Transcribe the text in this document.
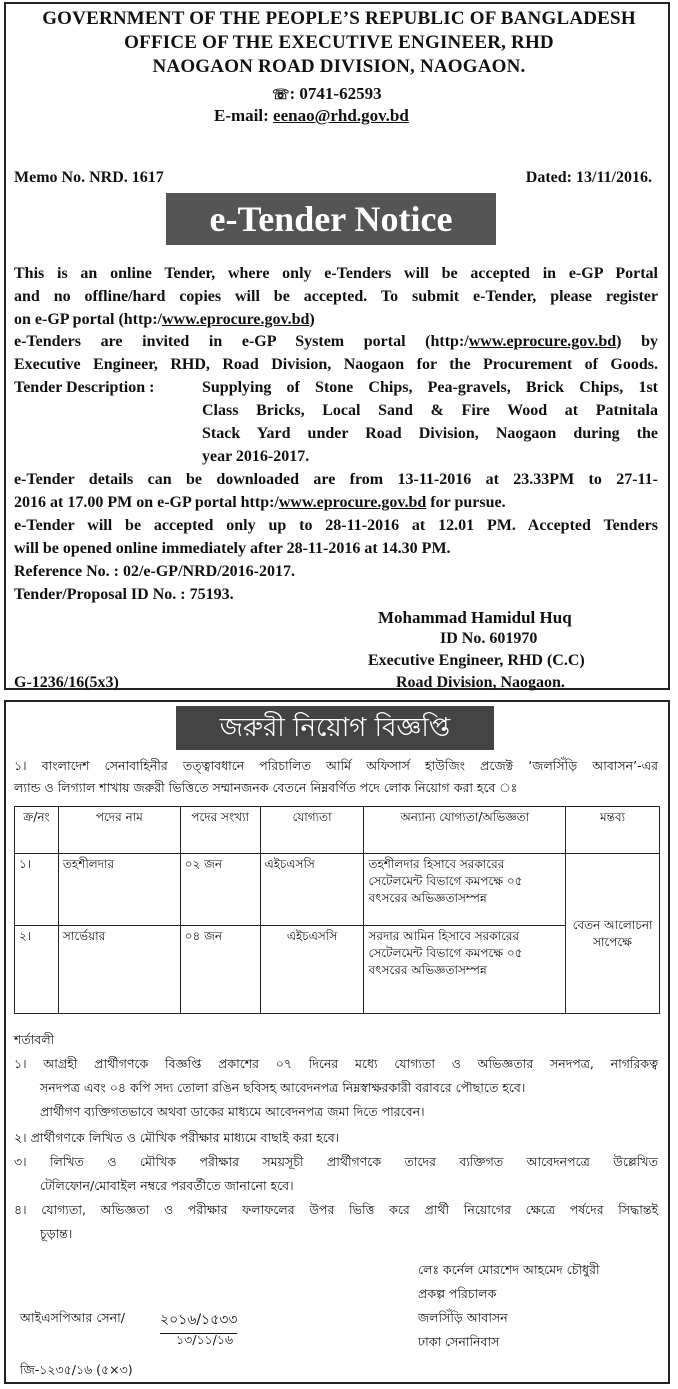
GOVERNMENT OF THE PEOPLE’S REPUBLIC OF BANGLADESH
OFFICE OF THE EXECUTIVE ENGINEER, RHD
NAOGAON ROAD DIVISION, NAOGAON.
☏: 0741-62593
E-mail: eenao@rhd.gov.bd
Memo No. NRD. 1617	Dated: 13/11/2016.
e-Tender Notice
This is an online Tender, where only e-Tenders will be accepted in e-GP Portal
and no offline/hard copies will be accepted. To submit e-Tender, please register
on e-GP portal (http:/www.eprocure.gov.bd)
e-Tenders are invited in e-GP System portal (http:/www.eprocure.gov.bd) by
Executive Engineer, RHD, Road Division, Naogaon for the Procurement of Goods.
Tender Description :	Supplying of Stone Chips, Pea-gravels, Brick Chips, 1st
Class Bricks, Local Sand & Fire Wood at Patnitala
Stack Yard under Road Division, Naogaon during the
year 2016-2017.
e-Tender details can be downloaded are from 13-11-2016 at 23.33PM to 27-11-
2016 at 17.00 PM on e-GP portal http:/www.eprocure.gov.bd for pursue.
e-Tender will be accepted only up to 28-11-2016 at 12.01 PM. Accepted Tenders
will be opened online immediately after 28-11-2016 at 14.30 PM.
Reference No. : 02/e-GP/NRD/2016-2017.
Tender/Proposal ID No. : 75193.
Mohammad Hamidul Huq
ID No. 601970
Executive Engineer, RHD (C.C)
Road Division, Naogaon.
G-1236/16(5x3)
জরুরী নিয়োগ বিজ্ঞপ্তি
১। বাংলাদেশ সেনাবাহিনীর তত্ত্বাবধানে পরিচালিত আর্মি অফিসার্স হাউজিং প্রজেক্ট ‘জলসিঁড়ি আবাসন’-এর
ল্যান্ড ও লিগ্যাল শাখায় জরুরী ভিত্তিতে সম্মানজনক বেতনে নিম্নবর্ণিত পদে লোক নিয়োগ করা হবে ঃ
ক্র/নং	পদের নাম	পদের সংখ্যা	যোগ্যতা	অন্যান্য যোগ্যতা/অভিজ্ঞতা	মন্তব্য
১।	তহশীলদার	০২ জন	এইচএসসি	তহশীলদার হিসাবে সরকারের সেটেলমেন্ট বিভাগে কমপক্ষে ০৫ বৎসরের অভিজ্ঞতাসম্পন্ন	বেতন আলোচনা সাপেক্ষে
২।	সার্ভেয়ার	০৪ জন	এইচএসসি	সরদার আমিন হিসাবে সরকারের সেটেলমেন্ট বিভাগে কমপক্ষে ০৫ বৎসরের অভিজ্ঞতাসম্পন্ন	
শর্তাবলী
১। আগ্রহী প্রার্থীগণকে বিজ্ঞপ্তি প্রকাশের ০৭ দিনের মধ্যে যোগ্যতা ও অভিজ্ঞতার সনদপত্র, নাগরিকত্ব
সনদপত্র এবং ০৪ কপি সদ্য তোলা রঙিন ছবিসহ আবেদনপত্র নিম্নস্বাক্ষরকারী বরাবরে পৌছাতে হবে।
প্রার্থীগণ ব্যক্তিগতভাবে অথবা ডাকের মাধ্যমে আবেদনপত্র জমা দিতে পারবেন।
২। প্রার্থীগণকে লিখিত ও মৌখিক পরীক্ষার মাধ্যমে বাছাই করা হবে।
৩। লিখিত ও মৌখিক পরীক্ষার সময়সূচী প্রার্থীগণকে তাদের ব্যক্তিগত আবেদনপত্রে উল্লেখিত
টেলিফোন/মোবাইল নম্বরে পরবর্তীতে জানানো হবে।
৪। যোগ্যতা, অভিজ্ঞতা ও পরীক্ষার ফলাফলের উপর ভিত্তি করে প্রার্থী নিয়োগের ক্ষেত্রে পর্ষদের সিদ্ধান্তই
চূড়ান্ত।
লেঃ কর্নেল মোরশেদ আহমেদ চৌধুরী
প্রকল্প পরিচালক
জলসিঁড়ি আবাসন
ঢাকা সেনানিবাস
আইএসপিআর সেনা/	২০১৬/১৫৩৩
১৩/১১/১৬
জি-১২৩৫/১৬ (৫×৩)
